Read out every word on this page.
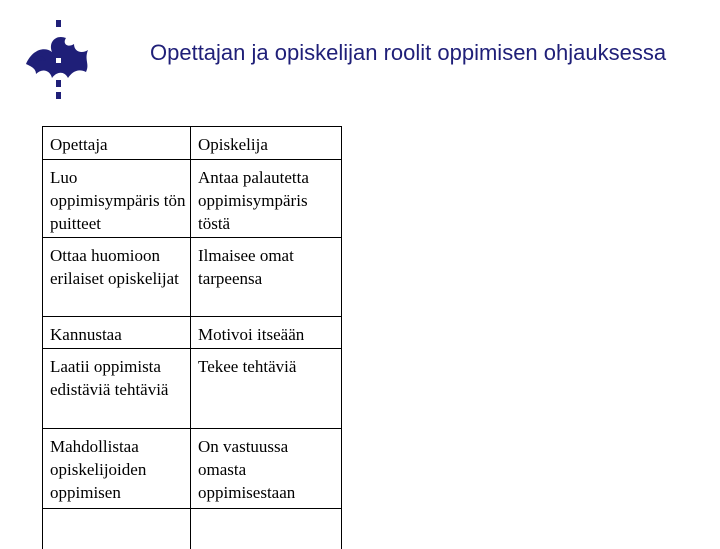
Opettajan ja opiskelijan roolit oppimisen ohjauksessa
Opettaja	Opiskelija
Luo oppimisympäris tön puitteet
Antaa palautetta oppimisympäris töstä
Ottaa huomioon erilaiset opiskelijat
Ilmaisee omat tarpeensa
Kannustaa	Motivoi itseään
Laatii oppimista edistäviä tehtäviä
Tekee tehtäviä
Mahdollistaa opiskelijoiden oppimisen
On vastuussa omasta oppimisestaan
